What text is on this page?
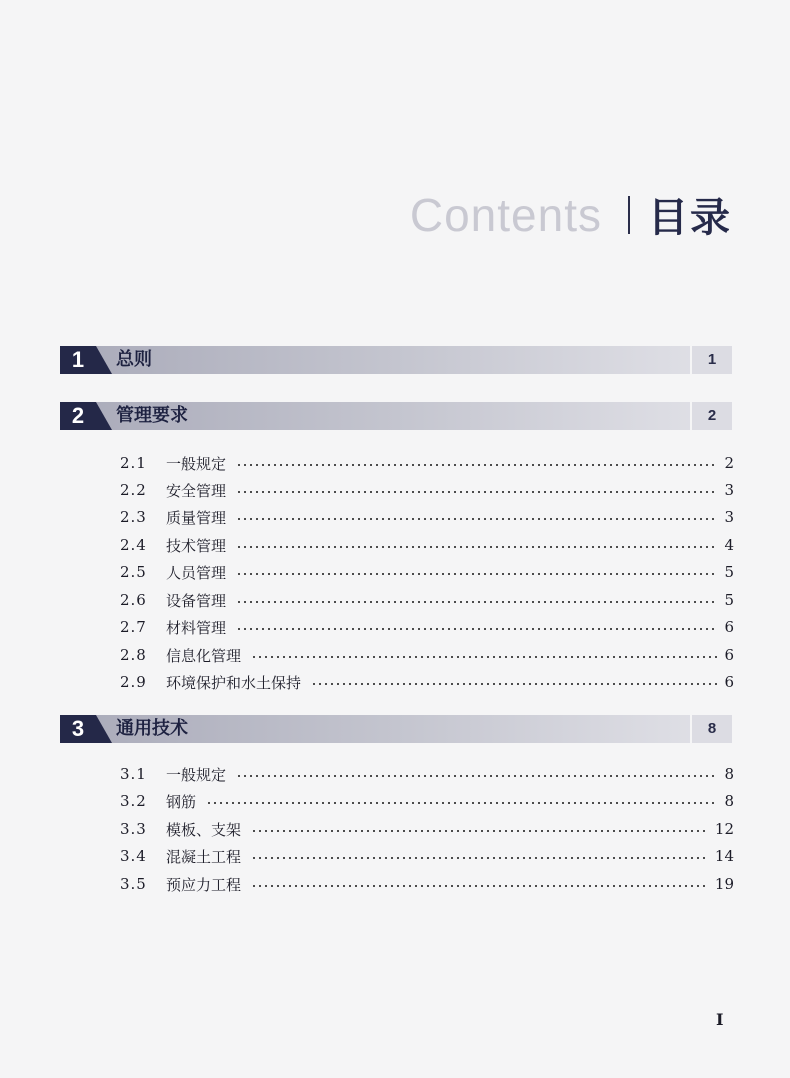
Contents 目录
1	总则	1
2	管理要求	2
2.1	一般规定	2
2.2	安全管理	3
2.3	质量管理	3
2.4	技术管理	4
2.5	人员管理	5
2.6	设备管理	5
2.7	材料管理	6
2.8	信息化管理	6
2.9	环境保护和水土保持	6
3	通用技术	8
3.1	一般规定	8
3.2	钢筋	8
3.3	模板、支架	12
3.4	混凝土工程	14
3.5	预应力工程	19
I
